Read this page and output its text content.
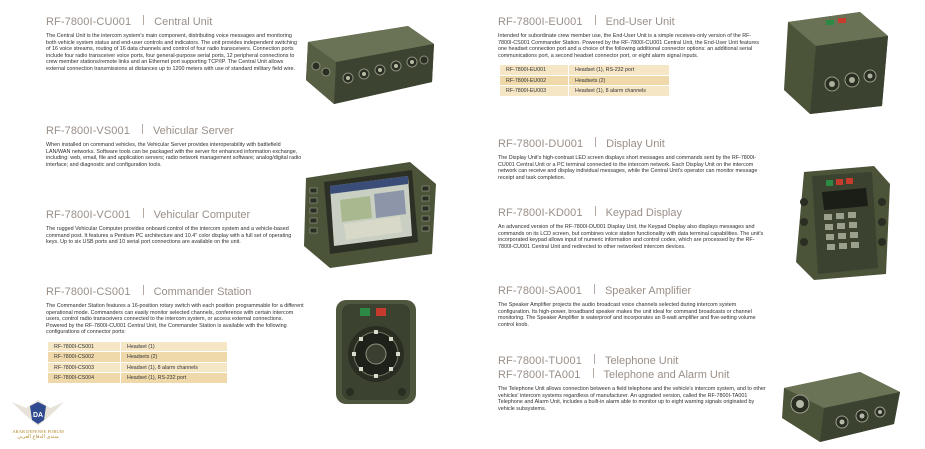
RF-7800I-CU001 Central Unit
The Central Unit is the intercom system's main component, distributing voice messages and monitoring both vehicle system status and end-user controls and indicators. The unit provides independent switching of 16 voice streams, routing of 16 data channels and control of four radio transceivers. Connection ports include four radio transceiver voice ports, four general-purpose serial ports, 12 peripheral connections to crew member stations/remote links and an Ethernet port supporting TCP/IP. The Central Unit allows external connection transmissions at distances up to 1200 meters with use of standard military field wire.
RF-7800I-VS001 Vehicular Server
When installed on command vehicles, the Vehicular Server provides interoperability with battlefield LAN/WAN networks. Software tools can be packaged with the server for enhanced information exchange, including: web, email, file and application servers; radio network management software; analog/digital radio interface; and diagnostic and configuration tools.
RF-7800I-VC001 Vehicular Computer
The rugged Vehicular Computer provides onboard control of the intercom system and a vehicle-based command post. It features a Pentium PC architecture and 10.4" color display with a full set of operating keys. Up to six USB ports and 10 serial port connections are available on the unit.
RF-7800I-CS001 Commander Station
The Commander Station features a 16-position rotary switch with each position programmable for a different operational mode. Commanders can easily monitor selected channels, conference with certain intercom users, control radio transceivers connected to the intercom system, or access external connections. Powered by the RF-7800I-CU001 Central Unit, the Commander Station is available with the following configurations of connector ports:
RF-7800I-CS001	Headset (1)
RF-7800I-CS002	Headsets (2)
RF-7800I-CS003	Headset (1), 8 alarm channels
RF-7800I-CS004	Headset (1), RS-232 port
RF-7800I-EU001 End-User Unit
Intended for subordinate crew member use, the End-User Unit is a simple receives-only version of the RF-7800I-CS001 Commander Station. Powered by the RF-7800I-CU001 Central Unit, the End-User Unit features one headset connection port and a choice of the following additional connector options: an additional serial communications port, a second headset connector port, or eight alarm signal inputs.
RF-7800I-EU001	Headset (1), RS-232 port
RF-7800I-EU002	Headsets (2)
RF-7800I-EU003	Headset (1), 8 alarm channels
RF-7800I-DU001 Display Unit
The Display Unit's high-contrast LED screen displays short messages and commands sent by the RF-7800I-CU001 Central Unit or a PC terminal connected to the intercom network. Each Display Unit on the intercom network can receive and display individual messages, while the Central Unit's operator can monitor message receipt and task completion.
RF-7800I-KD001 Keypad Display
An advanced version of the RF-7800I-DU001 Display Unit, the Keypad Display also displays messages and commands on its LCD screen, but combines voice station functionality with data terminal capabilities. The unit's incorporated keypad allows input of numeric information and control codes, which are processed by the RF-7800I-CU001 Central Unit and redirected to other networked intercom devices.
RF-7800I-SA001 Speaker Amplifier
The Speaker Amplifier projects the audio broadcast voice channels selected during intercom system configuration. Its high-power, broadband speaker makes the unit ideal for command broadcasts or channel monitoring. The Speaker Amplifier is waterproof and incorporates an 8-watt amplifier and five-setting volume control knob.
RF-7800I-TU001 Telephone Unit
RF-7800I-TA001 Telephone and Alarm Unit
The Telephone Unit allows connection between a field telephone and the vehicle's intercom system, and to other vehicles' intercom systems regardless of manufacturer. An upgraded version, called the RF-7800I-TA001 Telephone and Alarm Unit, includes a built-in alarm able to monitor up to eight warning signals originated by vehicle subsystems.
DA
ARAB DEFENSE FORUM
منتدى الدفاع العربي
